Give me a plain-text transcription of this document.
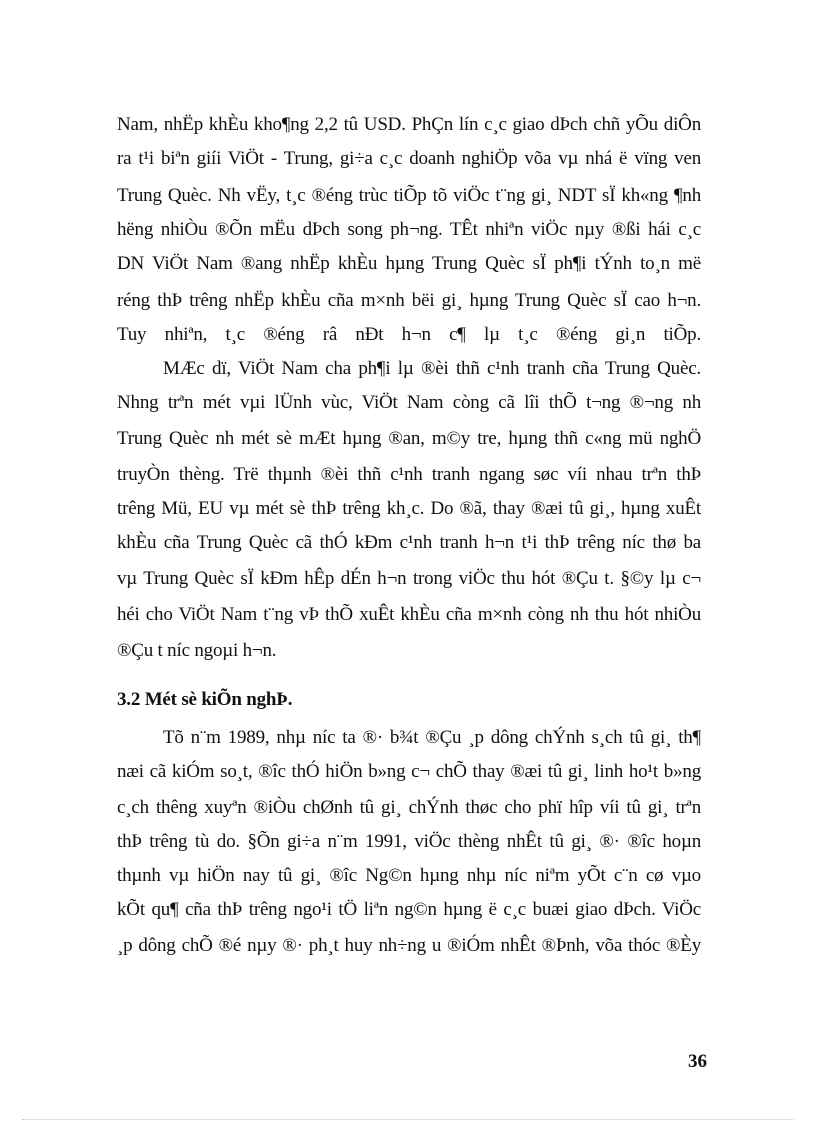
Nam, nhËp khÈu kho¶ng 2,2 tû USD. PhÇn lín c¸c giao dÞch chñ yÕu diÔn
ra t¹i biªn giíi ViÖt - Trung, gi÷a c¸c doanh nghiÖp võa vµ nhá ë vïng ven
Trung Quèc. Nh vËy, t¸c ®éng trùc tiÕp tõ viÖc t¨ng gi¸ NDT sÏ kh«ng ¶nh
hëng nhiÒu ®Õn mËu dÞch song ph¬ng. TÊt nhiªn viÖc nµy ®ßi hái c¸c
DN ViÖt Nam ®ang nhËp khÈu hµng Trung Quèc sÏ ph¶i tÝnh to¸n më
réng thÞ trêng nhËp khÈu cña m×nh bëi gi¸ hµng Trung Quèc sÏ cao h¬n.
Tuy nhiªn, t¸c ®éng râ nÐt h¬n c¶ lµ t¸c ®éng gi¸n tiÕp.
MÆc dï, ViÖt Nam cha ph¶i lµ ®èi thñ c¹nh tranh cña Trung Quèc.
Nhng trªn mét vµi lÜnh vùc, ViÖt Nam còng cã lîi thÕ t¬ng ®¬ng nh
Trung Quèc nh mét sè mÆt hµng ®an, m©y tre, hµng thñ c«ng mü nghÖ
truyÒn thèng. Trë thµnh ®èi thñ c¹nh tranh ngang søc víi nhau trªn thÞ
trêng Mü, EU vµ mét sè thÞ trêng kh¸c. Do ®ã, thay ®æi tû gi¸, hµng xuÊt
khÈu cña Trung Quèc cã thÓ kÐm c¹nh tranh h¬n t¹i thÞ trêng níc thø ba
vµ Trung Quèc sÏ kÐm hÊp dÉn h¬n trong viÖc thu hót ®Çu t. §©y lµ c¬
héi cho ViÖt Nam t¨ng vÞ thÕ xuÊt khÈu cña m×nh còng nh thu hót nhiÒu
®Çu t níc ngoµi h¬n.
3.2 Mét sè kiÕn nghÞ.
Tõ n¨m 1989, nhµ níc ta ®· b¾t ®Çu ¸p dông chÝnh s¸ch tû gi¸ th¶
næi cã kiÓm so¸t, ®îc thÓ hiÖn b»ng c¬ chÕ thay ®æi tû gi¸ linh ho¹t b»ng
c¸ch thêng xuyªn ®iÒu chØnh tû gi¸ chÝnh thøc cho phï hîp víi tû gi¸ trªn
thÞ trêng tù do. §Õn gi÷a n¨m 1991, viÖc thèng nhÊt tû gi¸ ®· ®îc hoµn
thµnh vµ hiÖn nay tû gi¸ ®îc Ng©n hµng nhµ níc niªm yÕt c¨n cø vµo
kÕt qu¶ cña thÞ trêng ngo¹i tÖ liªn ng©n hµng ë c¸c buæi giao dÞch. ViÖc
¸p dông chÕ ®é nµy ®· ph¸t huy nh÷ng u ®iÓm nhÊt ®Þnh, võa thóc ®Èy
36
